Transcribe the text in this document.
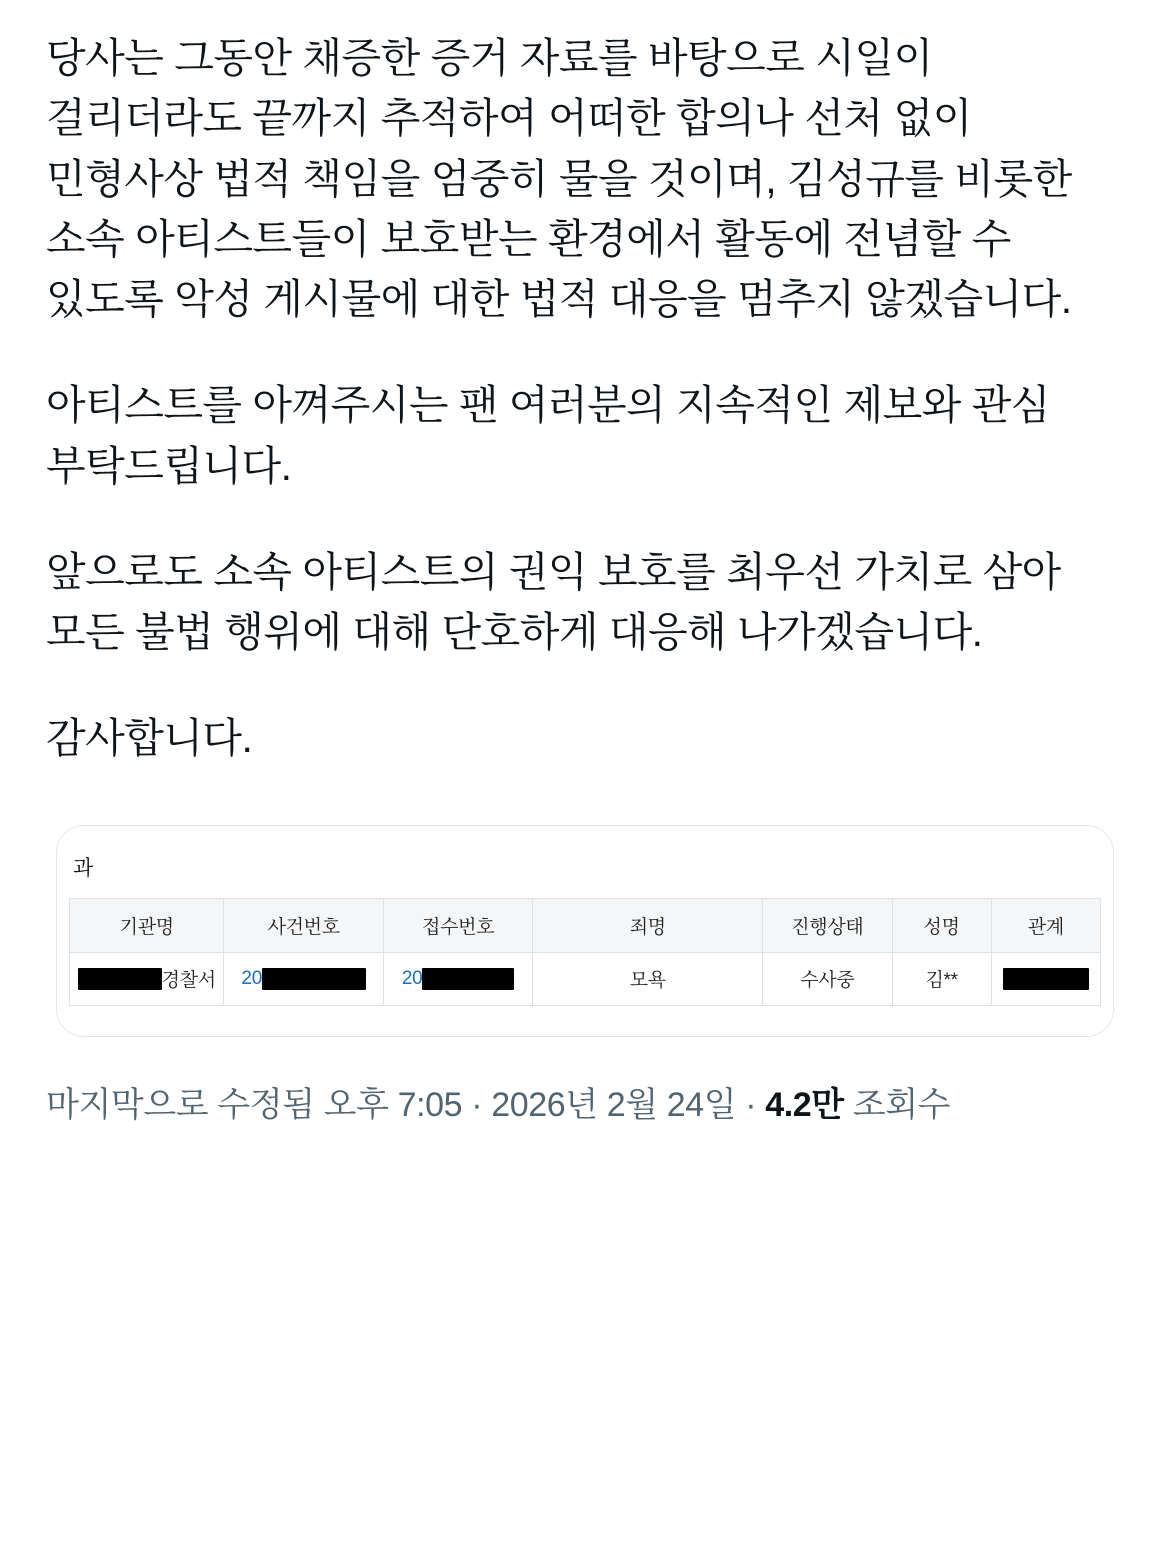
당사는 그동안 채증한 증거 자료를 바탕으로 시일이 걸리더라도 끝까지 추적하여 어떠한 합의나 선처 없이 민형사상 법적 책임을 엄중히 물을 것이며, 김성규를 비롯한 소속 아티스트들이 보호받는 환경에서 활동에 전념할 수 있도록 악성 게시물에 대한 법적 대응을 멈추지 않겠습니다.

아티스트를 아껴주시는 팬 여러분의 지속적인 제보와 관심 부탁드립니다.

앞으로도 소속 아티스트의 권익 보호를 최우선 가치로 삼아 모든 불법 행위에 대해 단호하게 대응해 나가겠습니다.

감사합니다.

과
기관명	사건번호	접수번호	죄명	진행상태	성명	관계

경찰서	20	20	모욕	수사중	김**	
마지막으로 수정됨 오후 7:05 · 2026년 2월 24일 · 4.2만 조회수
